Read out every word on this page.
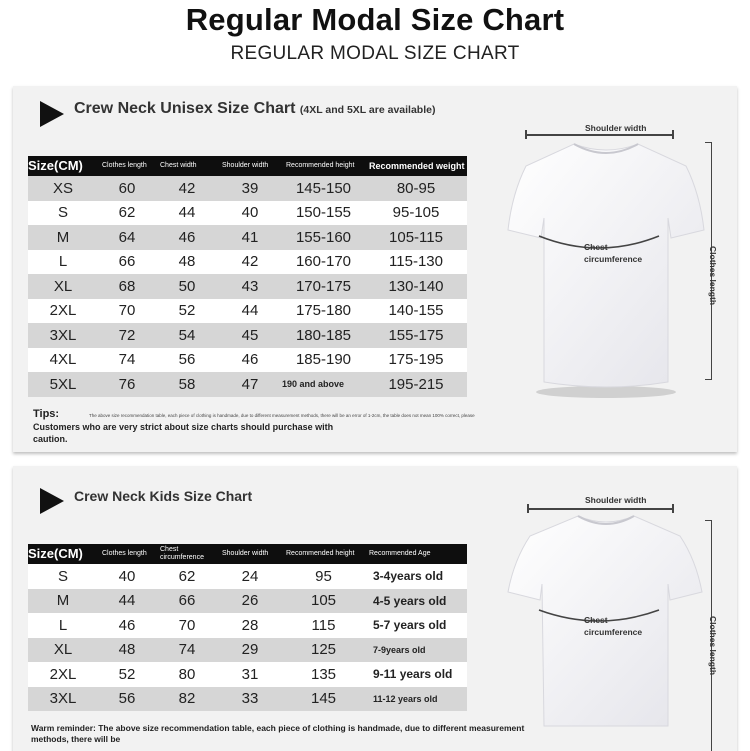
Regular Modal Size Chart
REGULAR MODAL SIZE CHART
Crew Neck Unisex Size Chart (4XL and 5XL are available)
Size(CM)	Clothes length	Chest width	Shoulder width	Recommended height	Recommended weight
XS	60	42	39	145-150	80-95
S	62	44	40	150-155	95-105
M	64	46	41	155-160	105-115
L	66	48	42	160-170	115-130
XL	68	50	43	170-175	130-140
2XL	70	52	44	175-180	140-155
3XL	72	54	45	180-185	155-175
4XL	74	56	46	185-190	175-195
5XL	76	58	47	190 and above	195-215
Tips:	The above size recommendation table, each piece of clothing is handmade, due to different measurement methods, there will be an error of 1-2cm, the table does not mean 100% correct, please
Customers who are very strict about size charts should purchase with caution.
Shoulder width
Chest circumference	Clothes length
Crew Neck Kids Size Chart
Size(CM)	Clothes length	Chest circumference	Shoulder width	Recommended height	Recommended Age
S	40	62	24	95	3-4years old
M	44	66	26	105	4-5 years old
L	46	70	28	115	5-7 years old
XL	48	74	29	125	7-9years old
2XL	52	80	31	135	9-11 years old
3XL	56	82	33	145	11-12 years old
Warm reminder: The above size recommendation table, each piece of clothing is handmade, due to different measurement methods, there will be
Shoulder width
Chest circumference	Clothes length
